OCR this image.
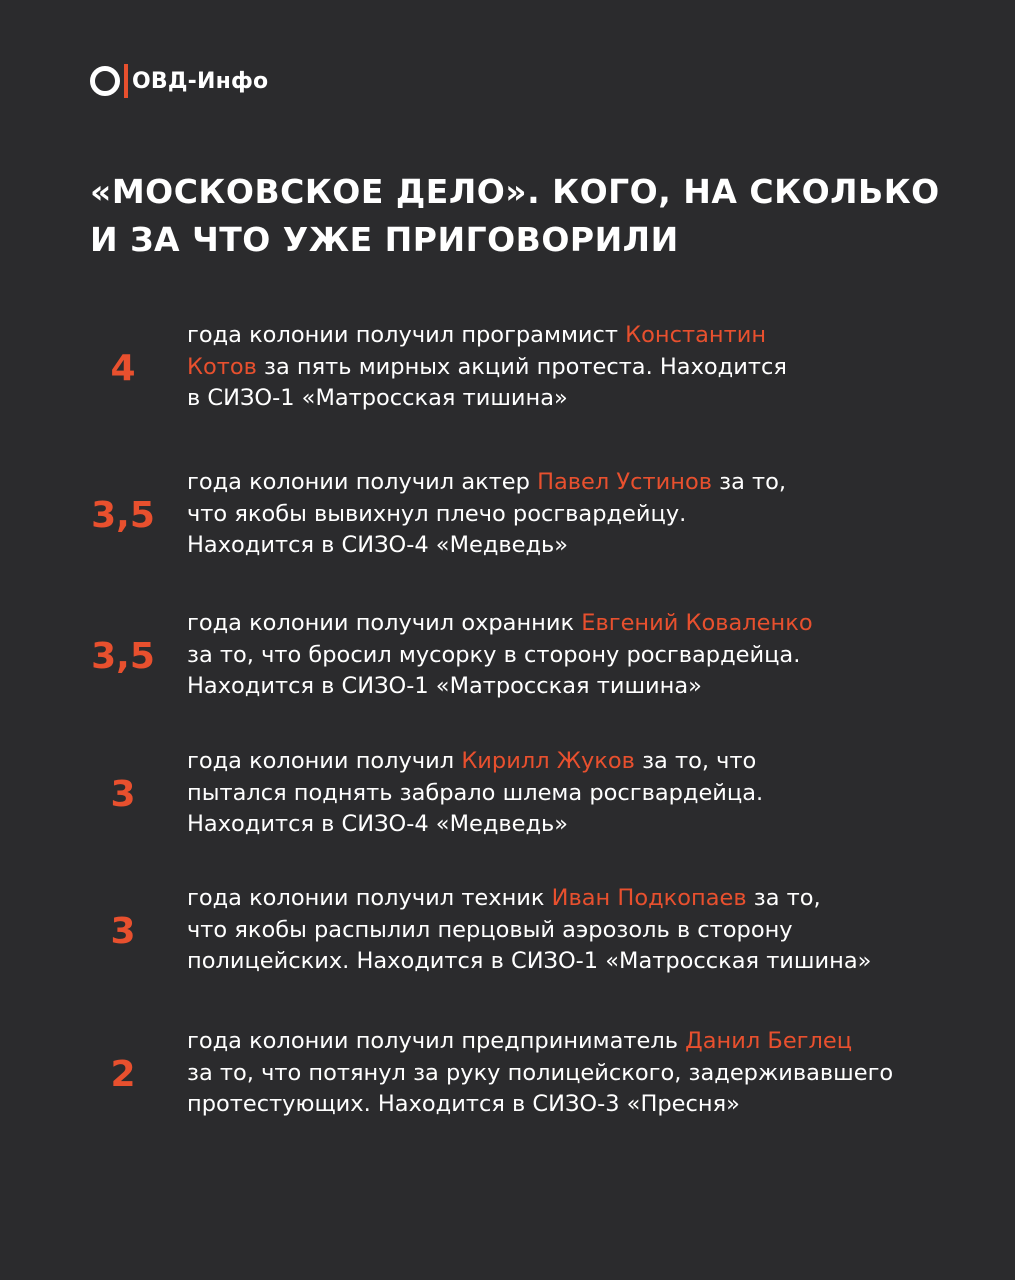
ОВД-Инфо
«МОСКОВСКОЕ ДЕЛО». КОГО, НА СКОЛЬКО
И ЗА ЧТО УЖЕ ПРИГОВОРИЛИ
4
года колонии получил программист Константин
Котов за пять мирных акций протеста. Находится
в СИЗО-1 «Матросская тишина»
3,5
года колонии получил актер Павел Устинов за то,
что якобы вывихнул плечо росгвардейцу.
Находится в СИЗО-4 «Медведь»
3,5
года колонии получил охранник Евгений Коваленко
за то, что бросил мусорку в сторону росгвардейца.
Находится в СИЗО-1 «Матросская тишина»
3
года колонии получил Кирилл Жуков за то, что
пытался поднять забрало шлема росгвардейца.
Находится в СИЗО-4 «Медведь»
3
года колонии получил техник Иван Подкопаев за то,
что якобы распылил перцовый аэрозоль в сторону
полицейских. Находится в СИЗО-1 «Матросская тишина»
2
года колонии получил предприниматель Данил Беглец
за то, что потянул за руку полицейского, задерживавшего
протестующих. Находится в СИЗО-3 «Пресня»
